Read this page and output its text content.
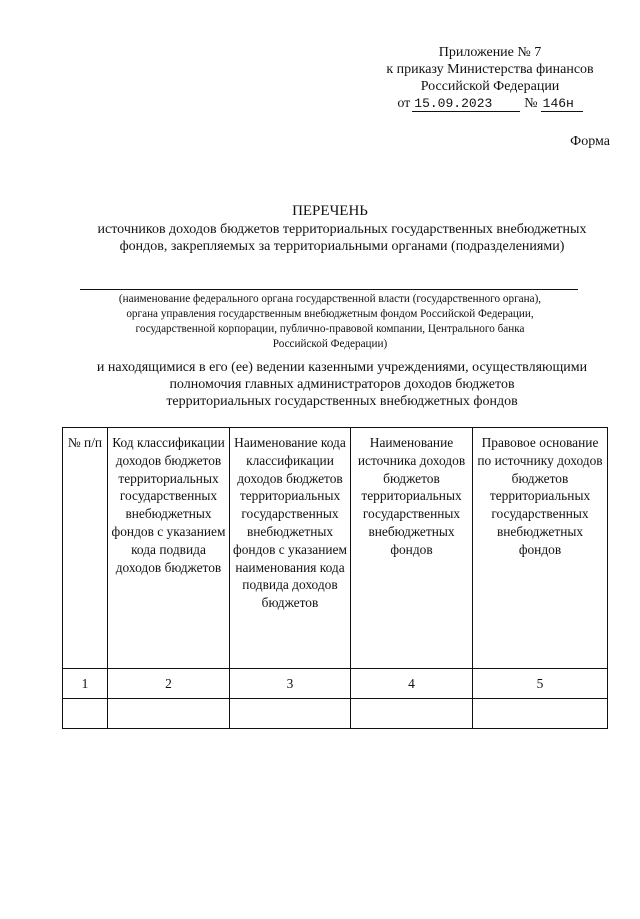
Приложение № 7
к приказу Министерства финансов
Российской Федерации
от 15.09.2023	№ 146н
Форма
ПЕРЕЧЕНЬ
источников доходов бюджетов территориальных государственных внебюджетных
фондов, закрепляемых за территориальными органами (подразделениями)
(наименование федерального органа государственной власти (государственного органа),
органа управления государственным внебюджетным фондом Российской Федерации,
государственной корпорации, публично-правовой компании, Центрального банка
Российской Федерации)
и находящимися в его (ее) ведении казенными учреждениями, осуществляющими
полномочия главных администраторов доходов бюджетов
территориальных государственных внебюджетных фондов
№ п/п	Код классификации доходов бюджетов территориальных государственных внебюджетных фондов с указанием кода подвида доходов бюджетов	Наименование кода классификации доходов бюджетов территориальных государственных внебюджетных фондов с указанием наименования кода подвида доходов бюджетов	Наименование источника доходов бюджетов территориальных государственных внебюджетных фондов	Правовое основание по источнику доходов бюджетов территориальных государственных внебюджетных фондов
1	2	3	4	5
